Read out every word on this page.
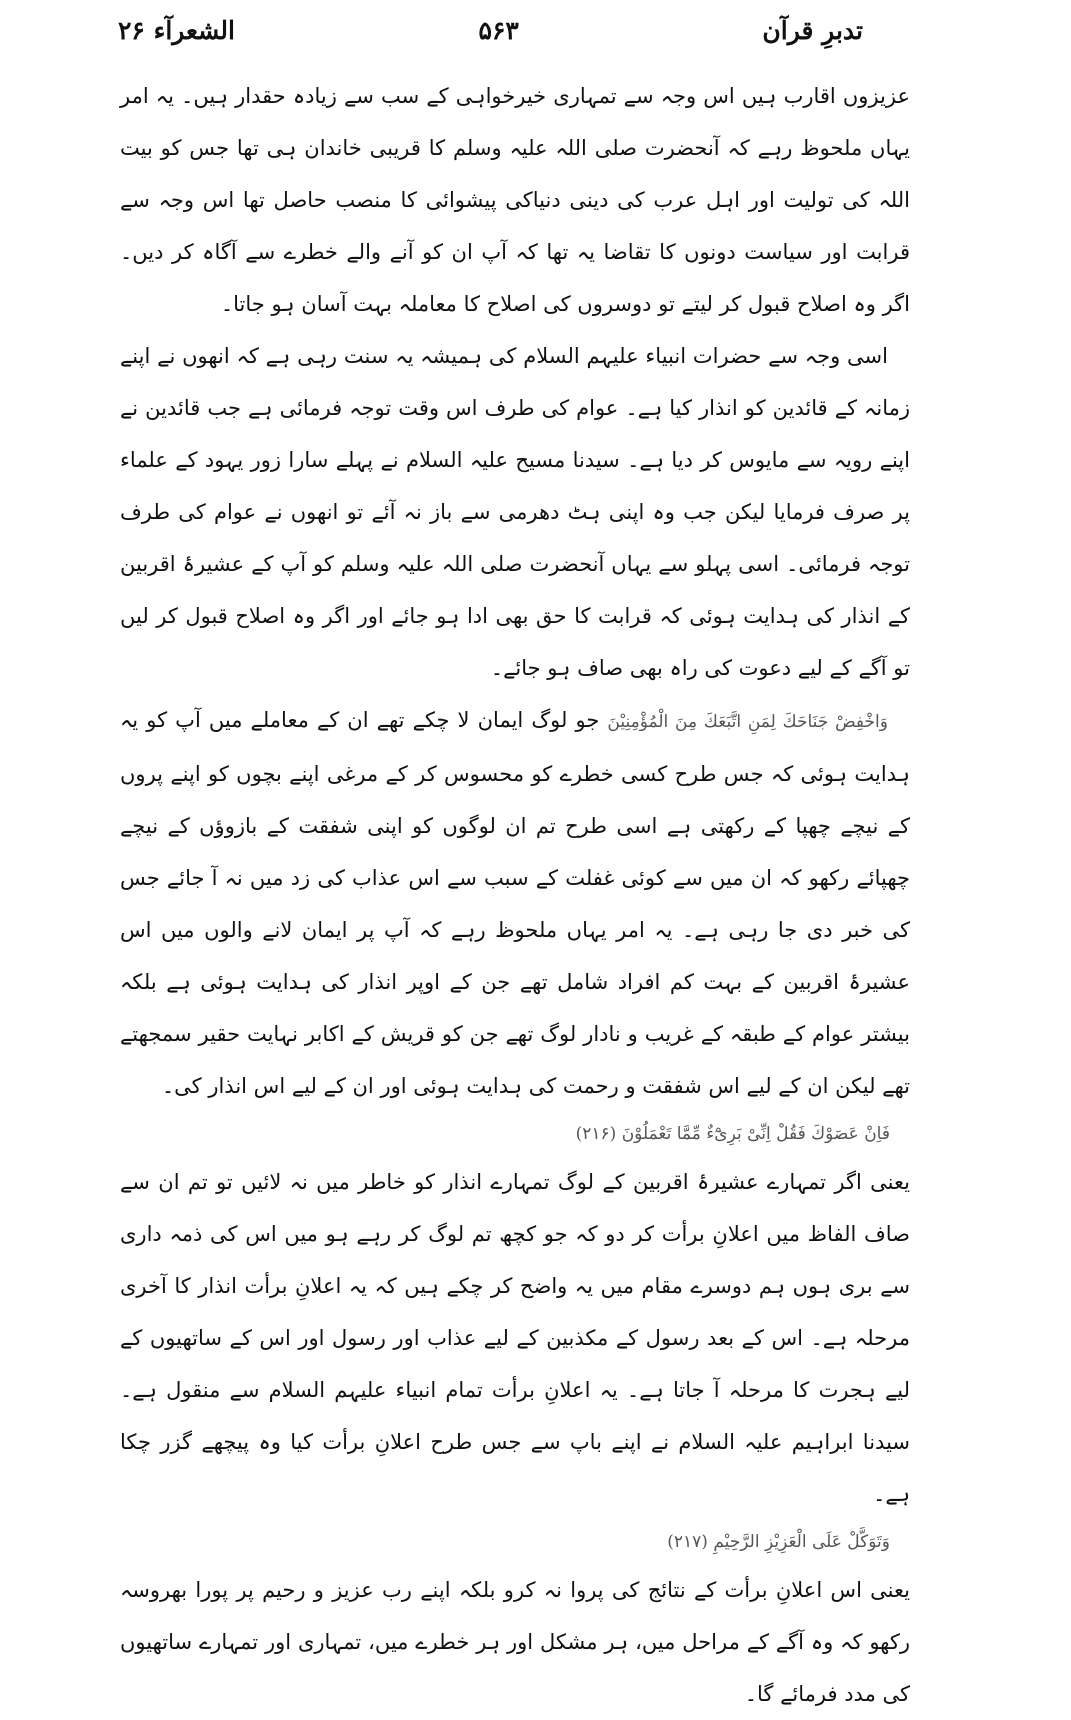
تدبرِ قرآن
۵۶۳
الشعرآء ۲۶

عزیزوں اقارب ہیں اس وجہ سے تمہاری خیرخواہی کے سب سے زیادہ حقدار ہیں۔ یہ امر یہاں ملحوظ رہے کہ آنحضرت صلی اللہ علیہ وسلم کا قریبی خاندان ہی تھا جس کو بیت اللہ کی تولیت اور اہل عرب کی دینی دنیاکی پیشوائی کا منصب حاصل تھا اس وجہ سے قرابت اور سیاست دونوں کا تقاضا یہ تھا کہ آپ ان کو آنے والے خطرے سے آگاہ کر دیں۔ اگر وہ اصلاح قبول کر لیتے تو دوسروں کی اصلاح کا معاملہ بہت آسان ہو جاتا۔

اسی وجہ سے حضرات انبیاء علیہم السلام کی ہمیشہ یہ سنت رہی ہے کہ انھوں نے اپنے زمانہ کے قائدین کو انذار کیا ہے۔ عوام کی طرف اس وقت توجہ فرمائی ہے جب قائدین نے اپنے رویہ سے مایوس کر دیا ہے۔ سیدنا مسیح علیہ السلام نے پہلے سارا زور یہود کے علماء پر صرف فرمایا لیکن جب وہ اپنی ہٹ دھرمی سے باز نہ آئے تو انھوں نے عوام کی طرف توجہ فرمائی۔ اسی پہلو سے یہاں آنحضرت صلی اللہ علیہ وسلم کو آپ کے عشیرۂ اقربین کے انذار کی ہدایت ہوئی کہ قرابت کا حق بھی ادا ہو جائے اور اگر وہ اصلاح قبول کر لیں تو آگے کے لیے دعوت کی راہ بھی صاف ہو جائے۔

وَاخْفِضْ جَنَاحَكَ لِمَنِ اتَّبَعَكَ مِنَ الْمُؤْمِنِيْنَ جو لوگ ایمان لا چکے تھے ان کے معاملے میں آپ کو یہ ہدایت ہوئی کہ جس طرح کسی خطرے کو محسوس کر کے مرغی اپنے بچوں کو اپنے پروں کے نیچے چھپا کے رکھتی ہے اسی طرح تم ان لوگوں کو اپنی شفقت کے بازوؤں کے نیچے چھپائے رکھو کہ ان میں سے کوئی غفلت کے سبب سے اس عذاب کی زد میں نہ آ جائے جس کی خبر دی جا رہی ہے۔ یہ امر یہاں ملحوظ رہے کہ آپ پر ایمان لانے والوں میں اس عشیرۂ اقربین کے بہت کم افراد شامل تھے جن کے اوپر انذار کی ہدایت ہوئی ہے بلکہ بیشتر عوام کے طبقہ کے غریب و نادار لوگ تھے جن کو قریش کے اکابر نہایت حقیر سمجھتے تھے لیکن ان کے لیے اس شفقت و رحمت کی ہدایت ہوئی اور ان کے لیے اس انذار کی۔

فَاِنْ عَصَوْكَ فَقُلْ اِنِّیْ بَرِیْٓءٌ مِّمَّا تَعْمَلُوْنَ (۲۱۶)

یعنی اگر تمہارے عشیرۂ اقربین کے لوگ تمہارے انذار کو خاطر میں نہ لائیں تو تم ان سے صاف الفاظ میں اعلانِ برأت کر دو کہ جو کچھ تم لوگ کر رہے ہو میں اس کی ذمہ داری سے بری ہوں ہم دوسرے مقام میں یہ واضح کر چکے ہیں کہ یہ اعلانِ برأت انذار کا آخری مرحلہ ہے۔ اس کے بعد رسول کے مکذبین کے لیے عذاب اور رسول اور اس کے ساتھیوں کے لیے ہجرت کا مرحلہ آ جاتا ہے۔ یہ اعلانِ برأت تمام انبیاء علیہم السلام سے منقول ہے۔ سیدنا ابراہیم علیہ السلام نے اپنے باپ سے جس طرح اعلانِ برأت کیا وہ پیچھے گزر چکا ہے۔

وَتَوَكَّلْ عَلَى الْعَزِيْزِ الرَّحِيْمِ (۲۱۷)

یعنی اس اعلانِ برأت کے نتائج کی پروا نہ کرو بلکہ اپنے رب عزیز و رحیم پر پورا بھروسہ رکھو کہ وہ آگے کے مراحل میں، ہر مشکل اور ہر خطرے میں، تمہاری اور تمہارے ساتھیوں کی مدد فرمائے گا۔
